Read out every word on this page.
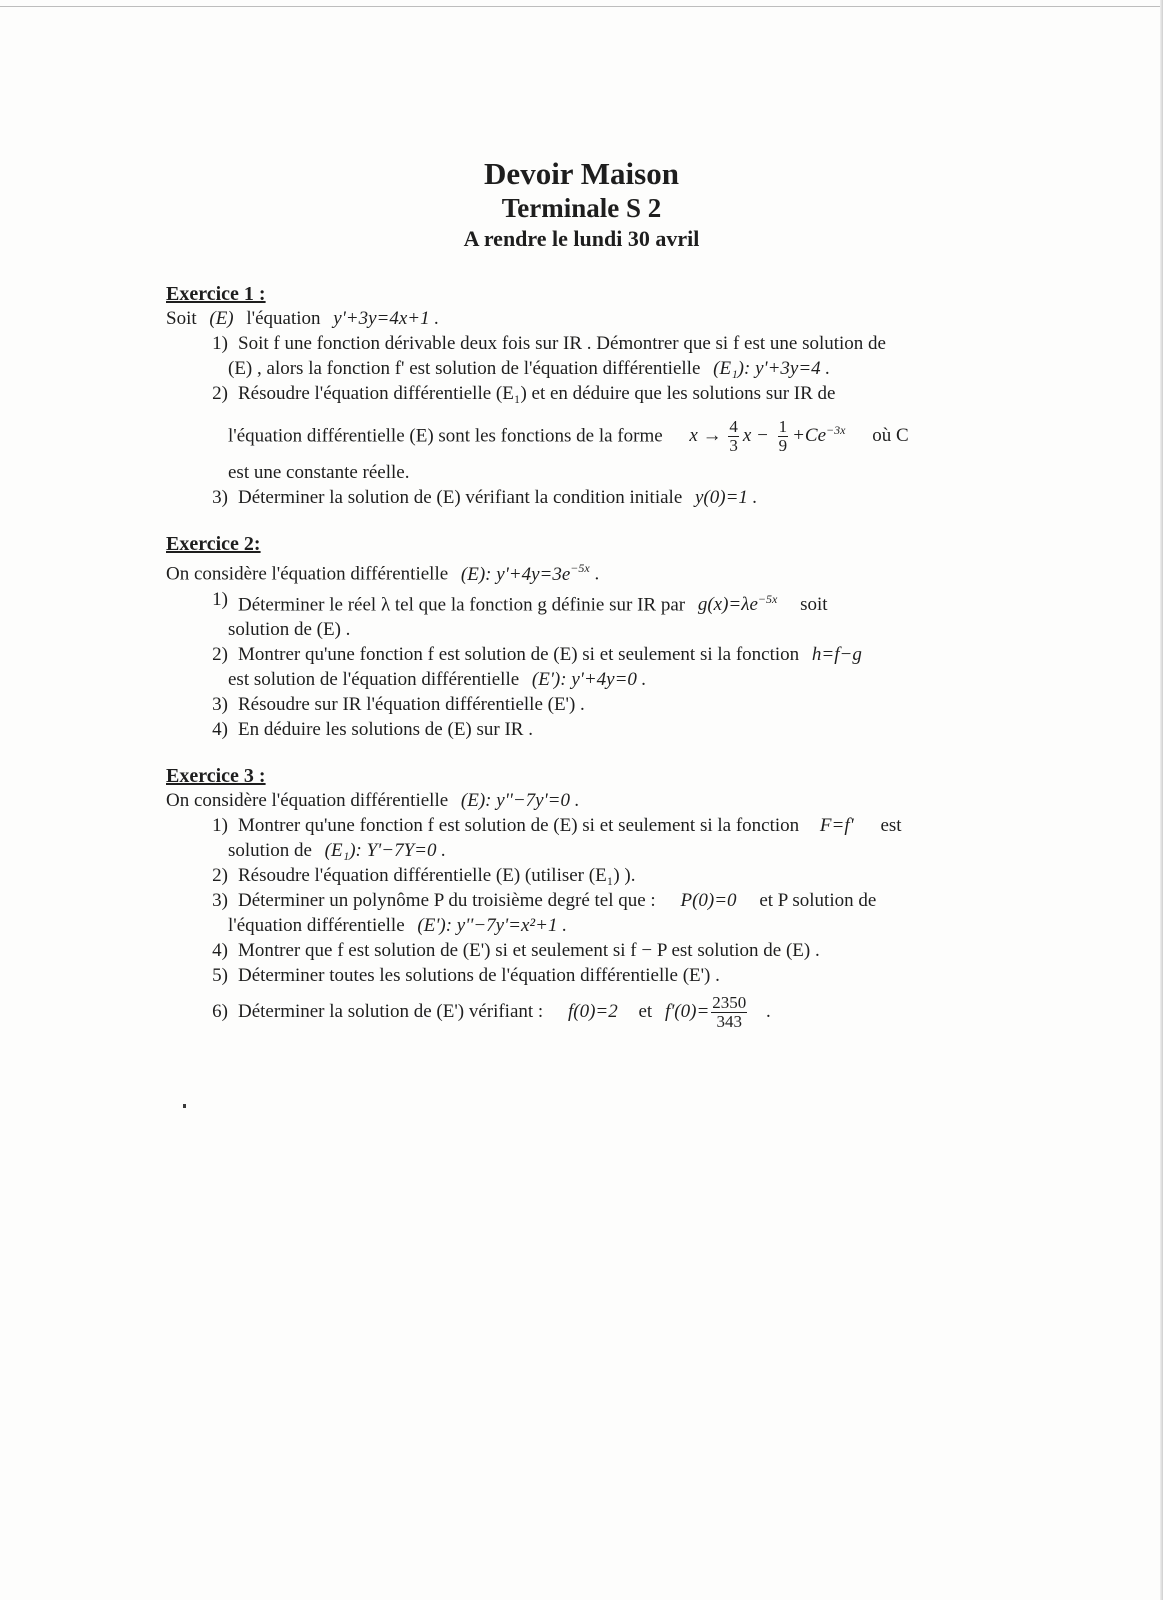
Devoir Maison
Terminale S 2
A rendre le lundi 30 avril

Exercice 1 :

Soit (E) l'équation y'+3y=4x+1 .

1) Soit f une fonction dérivable deux fois sur IR . Démontrer que si f est une solution de
(E) , alors la fonction f' est solution de l'équation différentielle (E₁): y'+3y=4 .
2) Résoudre l'équation différentielle (E₁) et en déduire que les solutions sur IR de
l'équation différentielle (E) sont les fonctions de la forme $x \to \frac{4}{3}$ $x - \frac{1}{9} +Ce^{-3x}$ où C
est une constante réelle.
3) Déterminer la solution de (E) vérifiant la condition initiale y(0)=1 .

Exercice 2:

On considère l'équation différentielle (E): $y'+4y=3e^{-5x}$ .

1) Déterminer le réel λ tel que la fonction g définie sur IR par $g(x)=\lambda e^{-5x}$ soit
solution de (E) .
2) Montrer qu'une fonction f est solution de (E) si et seulement si la fonction h=f−g
est solution de l'équation différentielle (E'): y'+4y=0 .
3) Résoudre sur IR l'équation différentielle (E') .
4) En déduire les solutions de (E) sur IR .

Exercice 3 :

On considère l'équation différentielle (E): y''−7y'=0 .

1) Montrer qu'une fonction f est solution de (E) si et seulement si la fonction F=f' est
solution de (E₁): Y'−7Y=0 .
2) Résoudre l'équation différentielle (E) (utiliser (E₁) ).
3) Déterminer un polynôme P du troisième degré tel que : P(0)=0 et P solution de
l'équation différentielle (E'): y''−7y'=x²+1 .
4) Montrer que f est solution de (E') si et seulement si f − P est solution de (E) .
5) Déterminer toutes les solutions de l'équation différentielle (E') .
6) Déterminer la solution de (E') vérifiant : f(0)=2 et $f'(0)= \frac{2350}{343}$ .
